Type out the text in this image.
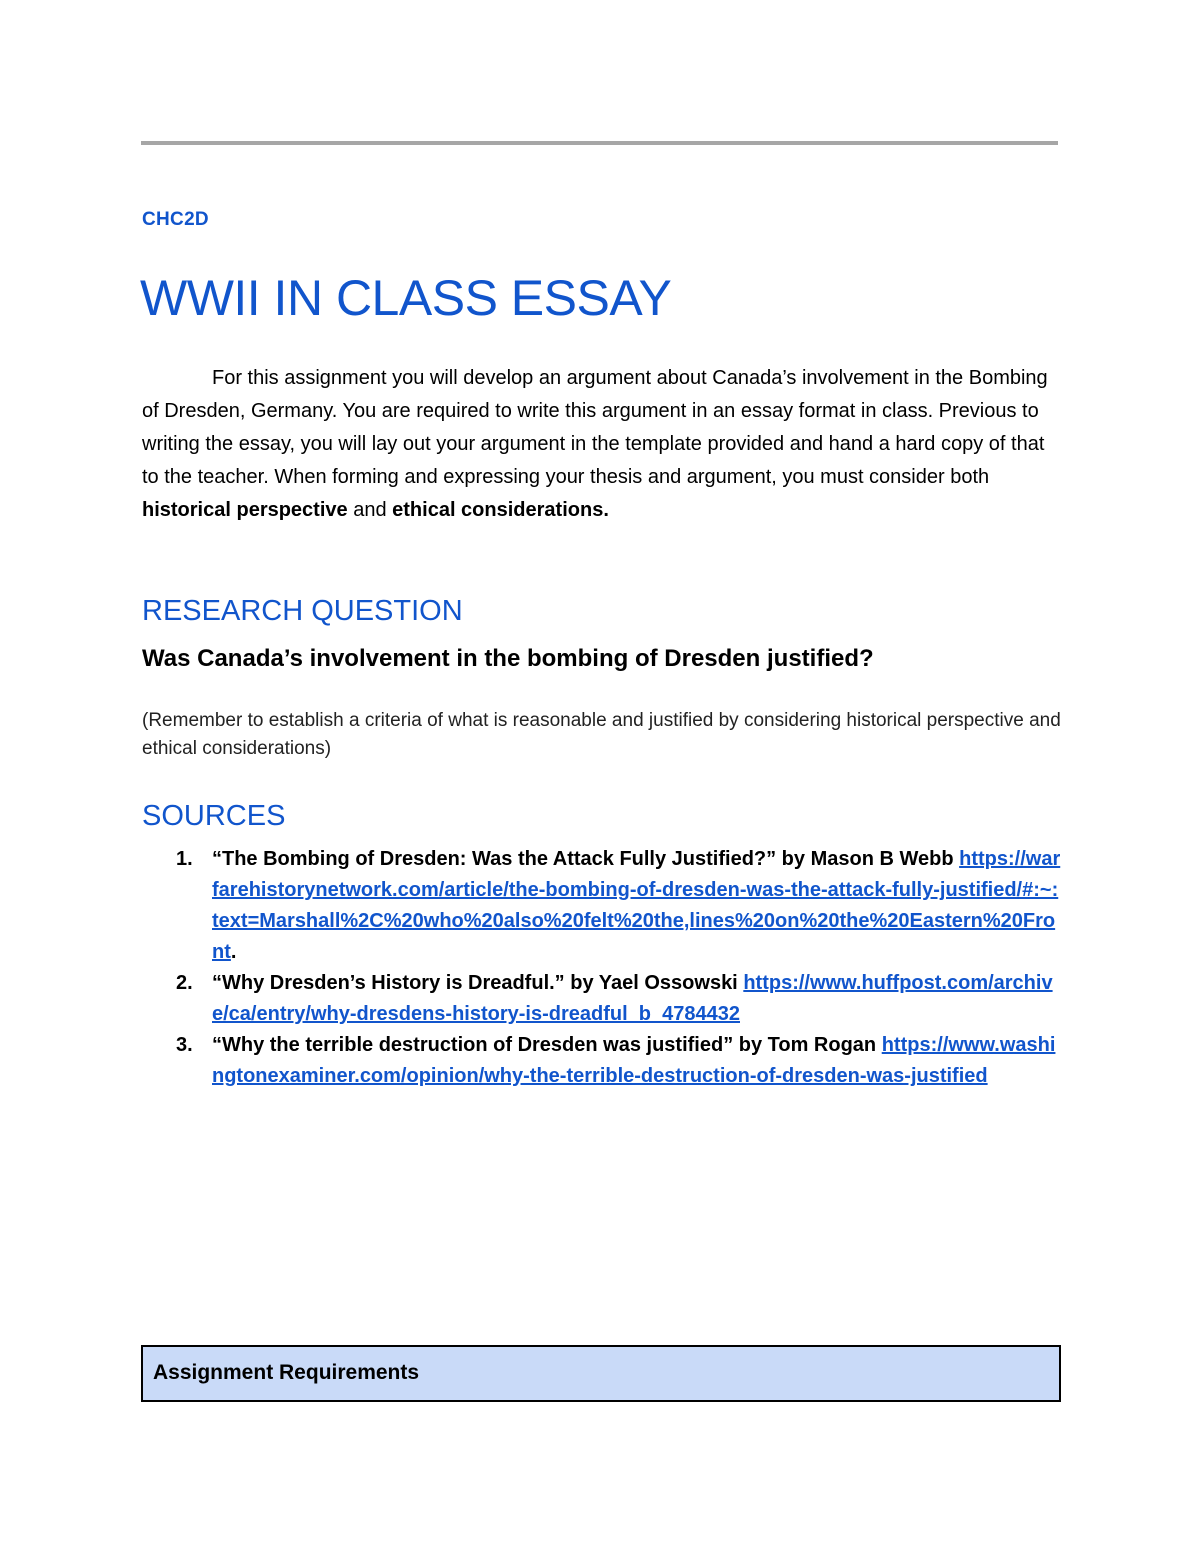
CHC2D
WWII IN CLASS ESSAY

For this assignment you will develop an argument about Canada’s involvement in the Bombing of Dresden, Germany. You are required to write this argument in an essay format in class. Previous to writing the essay, you will lay out your argument in the template provided and hand a hard copy of that to the teacher. When forming and expressing your thesis and argument, you must consider both historical perspective and ethical considerations.

RESEARCH QUESTION

Was Canada’s involvement in the bombing of Dresden justified?

(Remember to establish a criteria of what is reasonable and justified by considering historical perspective and ethical considerations)

SOURCES
1. “The Bombing of Dresden: Was the Attack Fully Justified?” by Mason B Webb https://warfarehistorynetwork.com/article/the-bombing-of-dresden-was-the-attack-fully-justified/#:~:text=Marshall%2C%20who%20also%20felt%20the,lines%20on%20the%20Eastern%20Front.
2. “Why Dresden’s History is Dreadful.” by Yael Ossowski https://www.huffpost.com/archive/ca/entry/why-dresdens-history-is-dreadful_b_4784432
3. “Why the terrible destruction of Dresden was justified” by Tom Rogan https://www.washingtonexaminer.com/opinion/why-the-terrible-destruction-of-dresden-was-justified
Assignment Requirements
